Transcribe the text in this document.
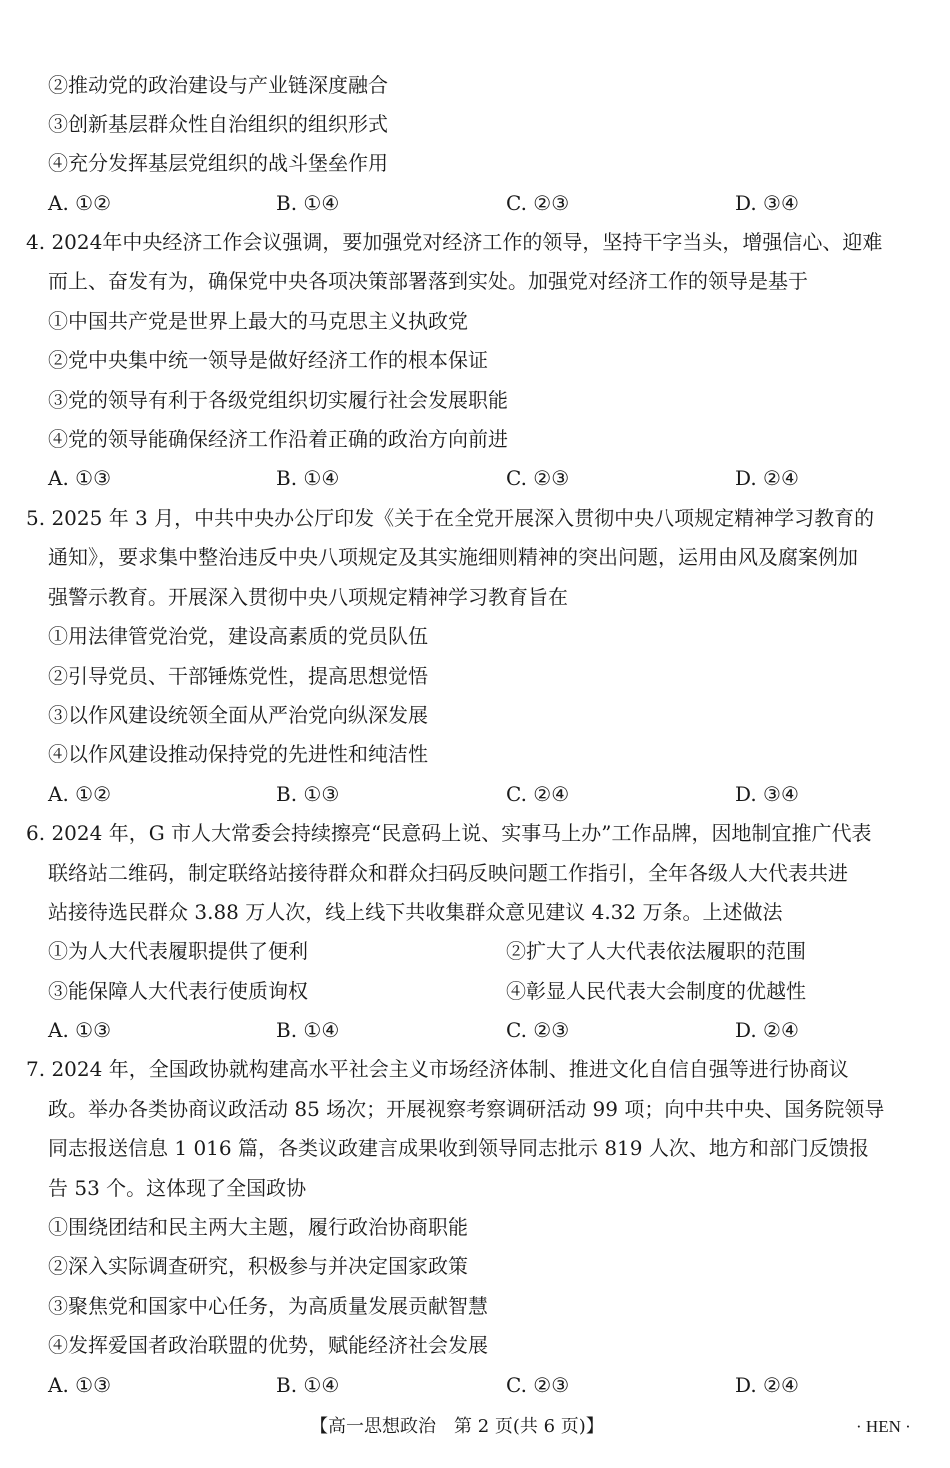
②推动党的政治建设与产业链深度融合
③创新基层群众性自治组织的组织形式
④充分发挥基层党组织的战斗堡垒作用
A. ①②	B. ①④	C. ②③	D. ③④
4. 2024年中央经济工作会议强调，要加强党对经济工作的领导，坚持干字当头，增强信心、迎难
而上、奋发有为，确保党中央各项决策部署落到实处。加强党对经济工作的领导是基于
①中国共产党是世界上最大的马克思主义执政党
②党中央集中统一领导是做好经济工作的根本保证
③党的领导有利于各级党组织切实履行社会发展职能
④党的领导能确保经济工作沿着正确的政治方向前进
A. ①③	B. ①④	C. ②③	D. ②④
5. 2025 年 3 月，中共中央办公厅印发《关于在全党开展深入贯彻中央八项规定精神学习教育的
通知》，要求集中整治违反中央八项规定及其实施细则精神的突出问题，运用由风及腐案例加
强警示教育。开展深入贯彻中央八项规定精神学习教育旨在
①用法律管党治党，建设高素质的党员队伍
②引导党员、干部锤炼党性，提高思想觉悟
③以作风建设统领全面从严治党向纵深发展
④以作风建设推动保持党的先进性和纯洁性
A. ①②	B. ①③	C. ②④	D. ③④
6. 2024 年，G 市人大常委会持续擦亮“民意码上说、实事马上办”工作品牌，因地制宜推广代表
联络站二维码，制定联络站接待群众和群众扫码反映问题工作指引，全年各级人大代表共进
站接待选民群众 3.88 万人次，线上线下共收集群众意见建议 4.32 万条。上述做法
①为人大代表履职提供了便利	②扩大了人大代表依法履职的范围
③能保障人大代表行使质询权	④彰显人民代表大会制度的优越性
A. ①③	B. ①④	C. ②③	D. ②④
7. 2024 年，全国政协就构建高水平社会主义市场经济体制、推进文化自信自强等进行协商议
政。举办各类协商议政活动 85 场次；开展视察考察调研活动 99 项；向中共中央、国务院领导
同志报送信息 1 016 篇，各类议政建言成果收到领导同志批示 819 人次、地方和部门反馈报
告 53 个。这体现了全国政协
①围绕团结和民主两大主题，履行政治协商职能
②深入实际调查研究，积极参与并决定国家政策
③聚焦党和国家中心任务，为高质量发展贡献智慧
④发挥爱国者政治联盟的优势，赋能经济社会发展
A. ①③	B. ①④	C. ②③	D. ②④
【高一思想政治　第 2 页(共 6 页)】	· HEN ·
